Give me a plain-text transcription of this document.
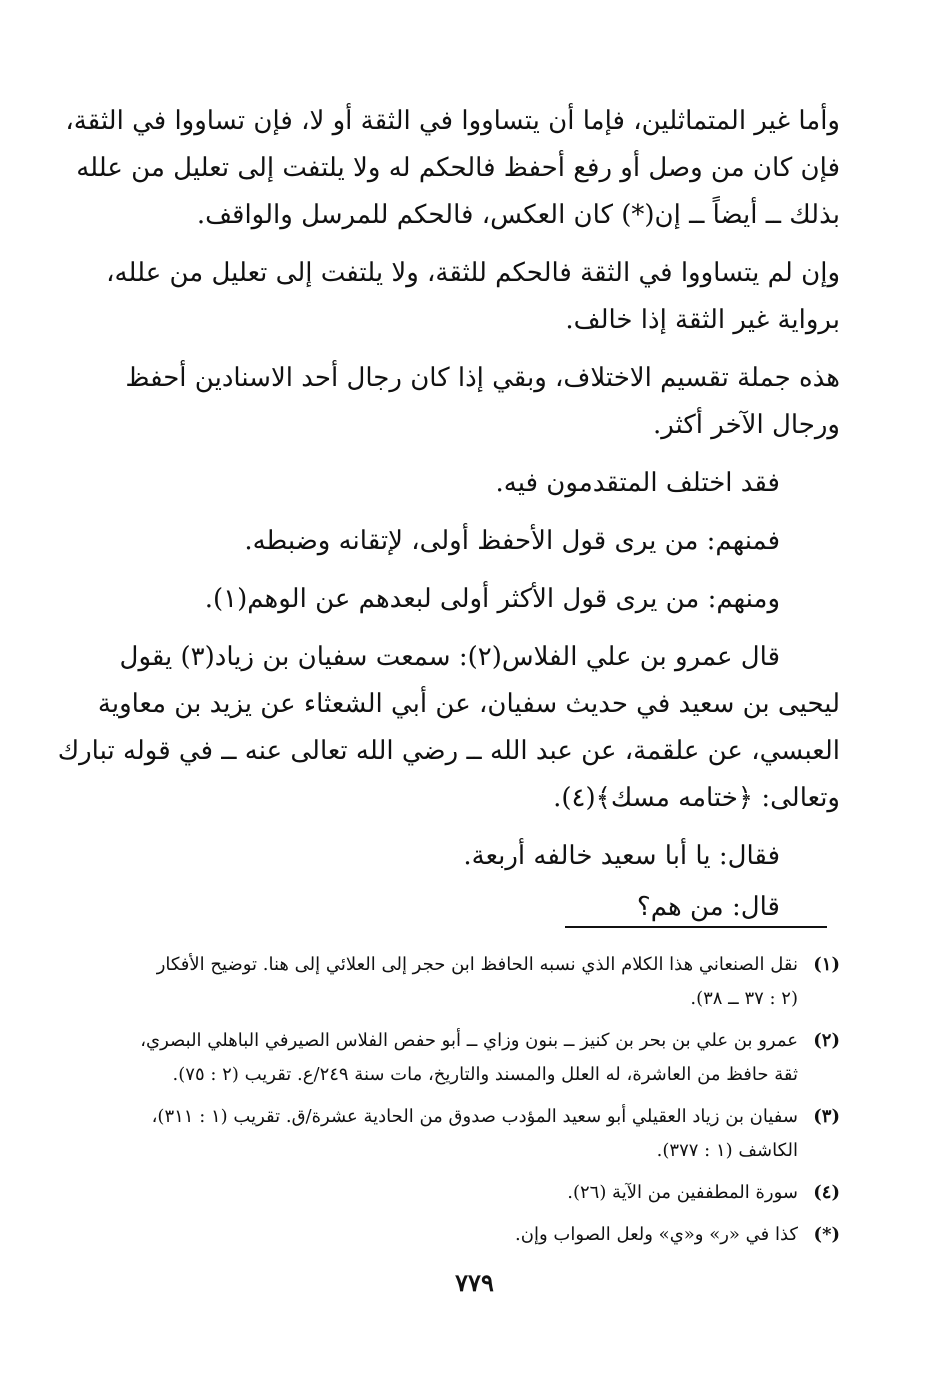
وأما غير المتماثلين، فإما أن يتساووا في الثقة أو لا، فإن تساووا في الثقة،
فإن كان من وصل أو رفع أحفظ فالحكم له ولا يلتفت إلى تعليل من علله
بذلك ــ أيضاً ــ إن(*) كان العكس، فالحكم للمرسل والواقف.

وإن لم يتساووا في الثقة فالحكم للثقة، ولا يلتفت إلى تعليل من علله،
برواية غير الثقة إذا خالف.

هذه جملة تقسيم الاختلاف، وبقي إذا كان رجال أحد الاسنادين أحفظ
ورجال الآخر أكثر.

فقد اختلف المتقدمون فيه.

فمنهم: من يرى قول الأحفظ أولى، لإتقانه وضبطه.

ومنهم: من يرى قول الأكثر أولى لبعدهم عن الوهم(١).

قال عمرو بن علي الفلاس(٢): سمعت سفيان بن زياد(٣) يقول
ليحيى بن سعيد في حديث سفيان، عن أبي الشعثاء عن يزيد بن معاوية
العبسي، عن علقمة، عن عبد الله ــ رضي الله تعالى عنه ــ في قوله تبارك
وتعالى: ﴿ختامه مسك﴾(٤).

فقال: يا أبا سعيد خالفه أربعة.

قال: من هم؟

(١)
نقل الصنعاني هذا الكلام الذي نسبه الحافظ ابن حجر إلى العلائي إلى هنا. توضيح الأفكار
(٢ : ٣٧ ــ ٣٨).
(٢)
عمرو بن علي بن بحر بن كنيز ــ بنون وزاي ــ أبو حفص الفلاس الصيرفي الباهلي البصري،
ثقة حافظ من العاشرة، له العلل والمسند والتاريخ، مات سنة ٢٤٩/ع. تقريب (٢ : ٧٥).
(٣)
سفيان بن زياد العقيلي أبو سعيد المؤدب صدوق من الحادية عشرة/ق. تقريب (١ : ٣١١)،
الكاشف (١ : ٣٧٧).
(٤)
سورة المطففين من الآية (٢٦).
(*)
كذا في «ر» و«ي» ولعل الصواب وإن.
٧٧٩
